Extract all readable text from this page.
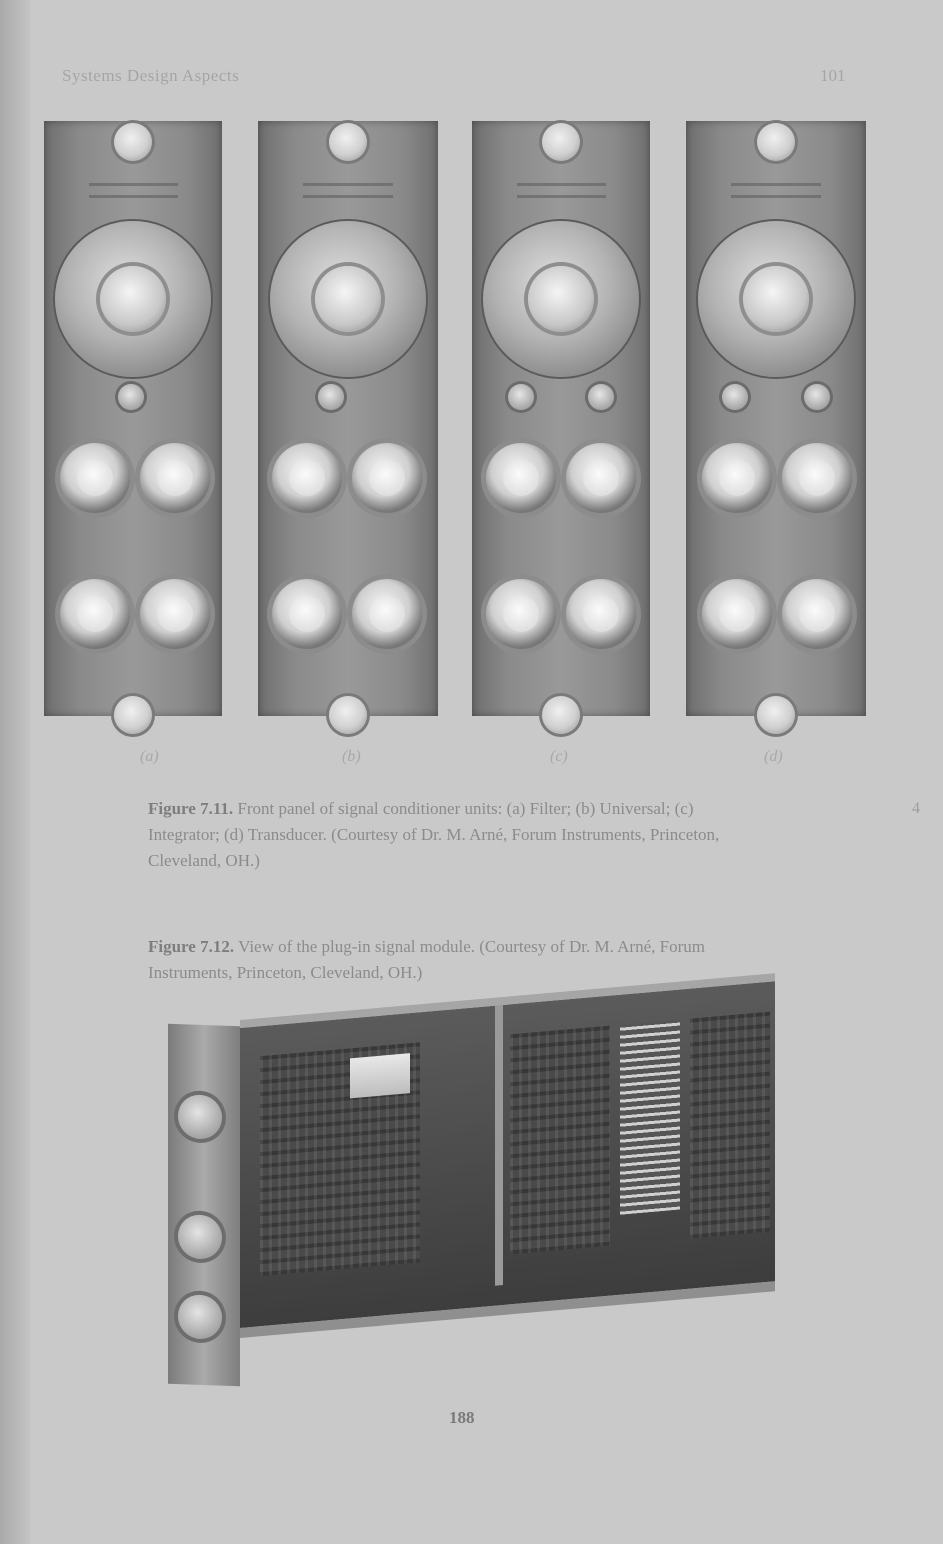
Systems Design Aspects	101
(a)	(b)	(c)	(d)
Figure 7.11. Front panel of signal conditioner units: (a) Filter; (b) Universal; (c) Integrator; (d) Transducer. (Courtesy of Dr. M. Arné, Forum Instruments, Princeton, Cleveland, OH.)
4
Figure 7.12. View of the plug-in signal module. (Courtesy of Dr. M. Arné, Forum Instruments, Princeton, Cleveland, OH.)
188
